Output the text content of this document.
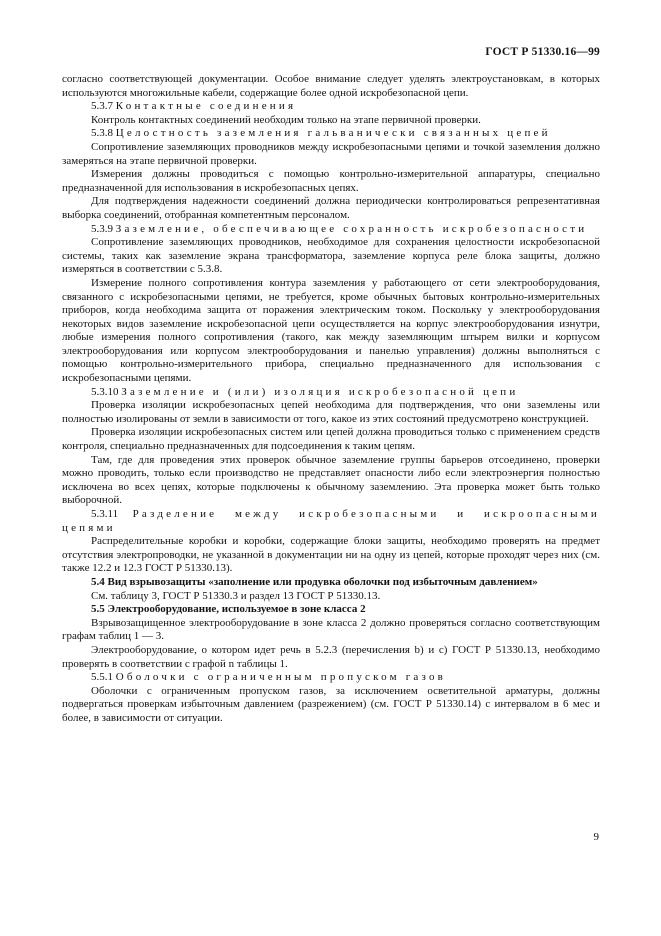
ГОСТ Р 51330.16—99

согласно соответствующей документации. Особое внимание следует уделять электроустановкам, в которых используются многожильные кабели, содержащие более одной искробезопасной цепи.

5.3.7 Контактные соединения

Контроль контактных соединений необходим только на этапе первичной проверки.

5.3.8 Целостность заземления гальванически связанных цепей

Сопротивление заземляющих проводников между искробезопасными цепями и точкой заземления должно замеряться на этапе первичной проверки.

Измерения должны проводиться с помощью контрольно-измерительной аппаратуры, специально предназначенной для использования в искробезопасных цепях.

Для подтверждения надежности соединений должна периодически контролироваться репрезентативная выборка соединений, отобранная компетентным персоналом.

5.3.9 Заземление, обеспечивающее сохранность искробезопасности

Сопротивление заземляющих проводников, необходимое для сохранения целостности искробезопасной системы, таких как заземление экрана трансформатора, заземление корпуса реле блока защиты, должно измеряться в соответствии с 5.3.8.

Измерение полного сопротивления контура заземления у работающего от сети электрооборудования, связанного с искробезопасными цепями, не требуется, кроме обычных бытовых контрольно-измерительных приборов, когда необходима защита от поражения электрическим током. Поскольку у электрооборудования некоторых видов заземление искробезопасной цепи осуществляется на корпус электрооборудования изнутри, любые измерения полного сопротивления (такого, как между заземляющим штырем вилки и корпусом электрооборудования или корпусом электрооборудования и панелью управления) должны выполняться с помощью контрольно-измерительного прибора, специально предназначенного для использования с искробезопасными цепями.

5.3.10 Заземление и (или) изоляция искробезопасной цепи

Проверка изоляции искробезопасных цепей необходима для подтверждения, что они заземлены или полностью изолированы от земли в зависимости от того, какое из этих состояний предусмотрено конструкцией.

Проверка изоляции искробезопасных систем или цепей должна проводиться только с применением средств контроля, специально предназначенных для подсоединения к таким цепям.

Там, где для проведения этих проверок обычное заземление группы барьеров отсоединено, проверки можно проводить, только если производство не представляет опасности либо если электроэнергия полностью исключена во всех цепях, которые подключены к обычному заземлению. Эта проверка может быть только выборочной.

5.3.11 Разделение между искробезопасными и искроопасными цепями

Распределительные коробки и коробки, содержащие блоки защиты, необходимо проверять на предмет отсутствия электропроводки, не указанной в документации ни на одну из цепей, которые проходят через них (см. также 12.2 и 12.3 ГОСТ Р 51330.13).

5.4 Вид взрывозащиты «заполнение или продувка оболочки под избыточным давлением»

См. таблицу 3, ГОСТ Р 51330.3 и раздел 13 ГОСТ Р 51330.13.

5.5 Электрооборудование, используемое в зоне класса 2

Взрывозащищенное электрооборудование в зоне класса 2 должно проверяться согласно соответствующим графам таблиц 1 — 3.

Электрооборудование, о котором идет речь в 5.2.3 (перечисления b) и c) ГОСТ Р 51330.13, необходимо проверять в соответствии с графой n таблицы 1.

5.5.1 Оболочки с ограниченным пропуском газов

Оболочки с ограниченным пропуском газов, за исключением осветительной арматуры, должны подвергаться проверкам избыточным давлением (разрежением) (см. ГОСТ Р 51330.14) с интервалом в 6 мес и более, в зависимости от ситуации.

9
